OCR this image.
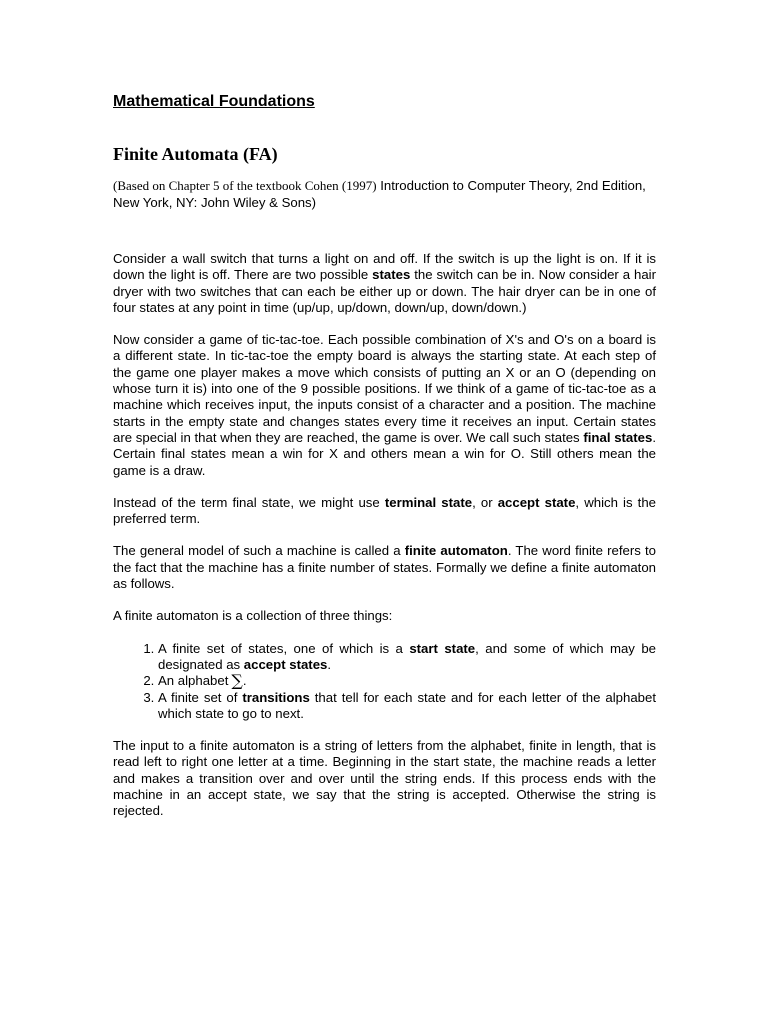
Mathematical Foundations
Finite Automata (FA)

(Based on Chapter 5 of the textbook Cohen (1997) Introduction to Computer Theory, 2nd Edition, New York, NY: John Wiley & Sons)

Consider a wall switch that turns a light on and off. If the switch is up the light is on. If it is down the light is off. There are two possible states the switch can be in. Now consider a hair dryer with two switches that can each be either up or down. The hair dryer can be in one of four states at any point in time (up/up, up/down, down/up, down/down.)

Now consider a game of tic-tac-toe. Each possible combination of X's and O's on a board is a different state. In tic-tac-toe the empty board is always the starting state. At each step of the game one player makes a move which consists of putting an X or an O (depending on whose turn it is) into one of the 9 possible positions. If we think of a game of tic-tac-toe as a machine which receives input, the inputs consist of a character and a position. The machine starts in the empty state and changes states every time it receives an input. Certain states are special in that when they are reached, the game is over. We call such states final states. Certain final states mean a win for X and others mean a win for O. Still others mean the game is a draw.

Instead of the term final state, we might use terminal state, or accept state, which is the preferred term.

The general model of such a machine is called a finite automaton. The word finite refers to the fact that the machine has a finite number of states. Formally we define a finite automaton as follows.

A finite automaton is a collection of three things:

1. A finite set of states, one of which is a start state, and some of which may be designated as accept states.
2. An alphabet ∑.
3. A finite set of transitions that tell for each state and for each letter of the alphabet which state to go to next.

The input to a finite automaton is a string of letters from the alphabet, finite in length, that is read left to right one letter at a time. Beginning in the start state, the machine reads a letter and makes a transition over and over until the string ends. If this process ends with the machine in an accept state, we say that the string is accepted. Otherwise the string is rejected.
